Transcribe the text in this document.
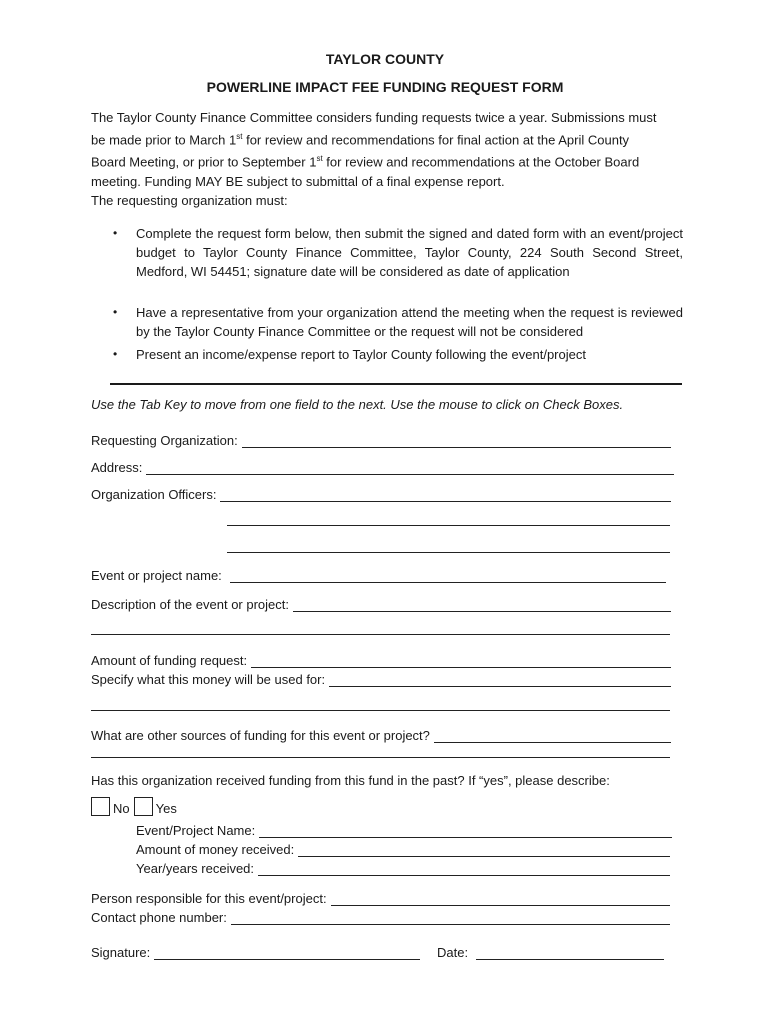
TAYLOR COUNTY
POWERLINE IMPACT FEE FUNDING REQUEST FORM
The Taylor County Finance Committee considers funding requests twice a year. Submissions must
be made prior to March 1st for review and recommendations for final action at the April County
Board Meeting, or prior to September 1st for review and recommendations at the October Board
meeting. Funding MAY BE subject to submittal of a final expense report.
The requesting organization must:
• Complete the request form below, then submit the signed and dated form with an event/project budget to Taylor County Finance Committee, Taylor County, 224 South Second Street, Medford, WI 54451; signature date will be considered as date of application
• Have a representative from your organization attend the meeting when the request is reviewed by the Taylor County Finance Committee or the request will not be considered
• Present an income/expense report to Taylor County following the event/project
Use the Tab Key to move from one field to the next. Use the mouse to click on Check Boxes.
Requesting Organization:
Address:
Organization Officers:
Event or project name:
Description of the event or project:
Amount of funding request:
Specify what this money will be used for:
What are other sources of funding for this event or project?
Has this organization received funding from this fund in the past? If “yes”, please describe:
No Yes
Event/Project Name:
Amount of money received:
Year/years received:
Person responsible for this event/project:
Contact phone number:
Signature:	Date:
